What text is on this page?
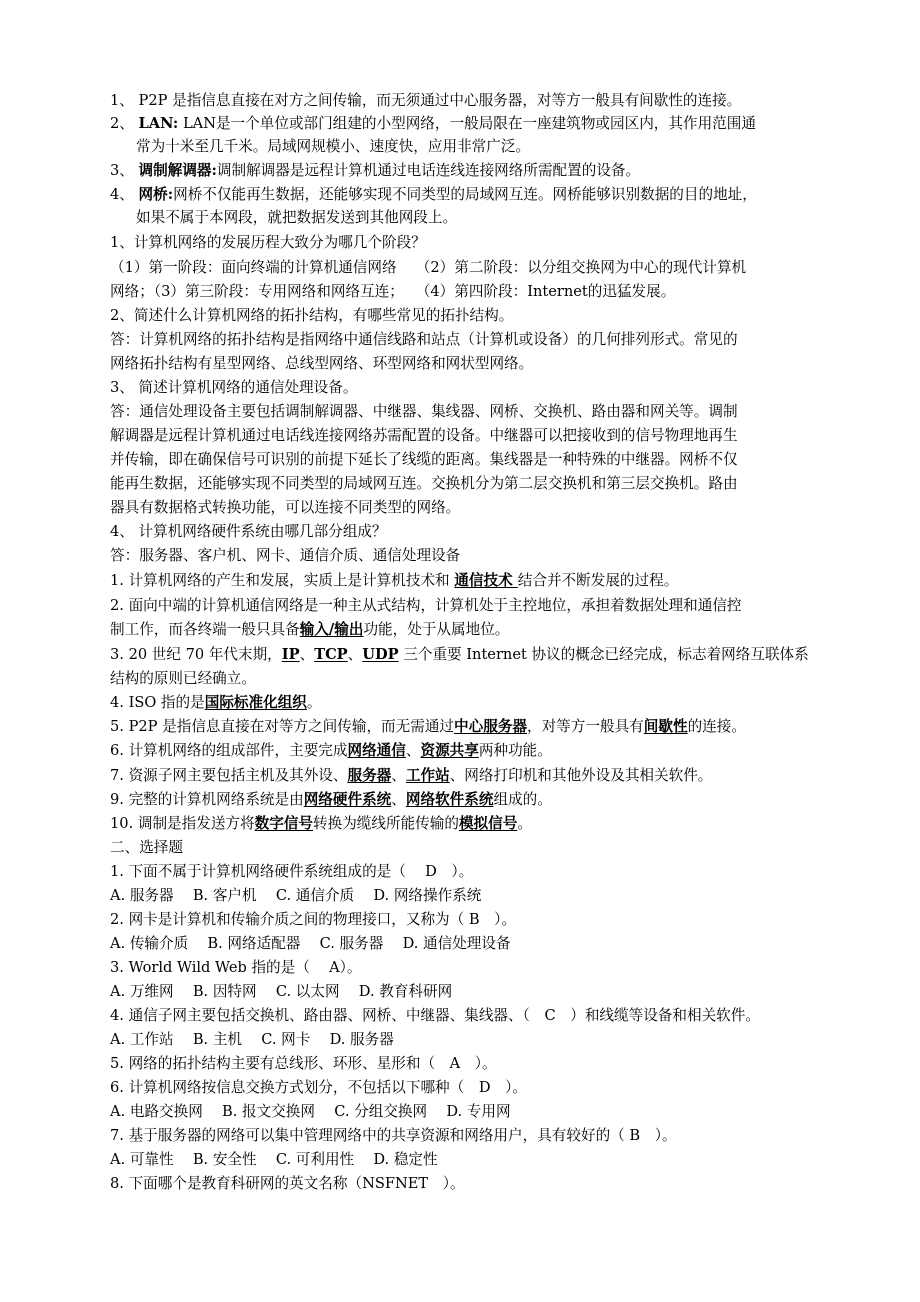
1、 P2P 是指信息直接在对方之间传输，而无须通过中心服务器，对等方一般具有间歇性的连接。
2、 LAN: LAN是一个单位或部门组建的小型网络，一般局限在一座建筑物或园区内，其作用范围通
常为十米至几千米。局域网规模小、速度快，应用非常广泛。
3、 调制解调器:调制解调器是远程计算机通过电话连线连接网络所需配置的设备。
4、 网桥:网桥不仅能再生数据，还能够实现不同类型的局域网互连。网桥能够识别数据的目的地址，
如果不属于本网段，就把数据发送到其他网段上。
1、计算机网络的发展历程大致分为哪几个阶段？
（1）第一阶段：面向终端的计算机通信网络　 （2）第二阶段：以分组交换网为中心的现代计算机
网络；（3）第三阶段：专用网络和网络互连；　 （4）第四阶段：Internet的迅猛发展。
2、简述什么计算机网络的拓扑结构，有哪些常见的拓扑结构。
答：计算机网络的拓扑结构是指网络中通信线路和站点（计算机或设备）的几何排列形式。常见的
网络拓扑结构有星型网络、总线型网络、环型网络和网状型网络。
3、 简述计算机网络的通信处理设备。
答：通信处理设备主要包括调制解调器、中继器、集线器、网桥、交换机、路由器和网关等。调制
解调器是远程计算机通过电话线连接网络苏需配置的设备。中继器可以把接收到的信号物理地再生
并传输，即在确保信号可识别的前提下延长了线缆的距离。集线器是一种特殊的中继器。网桥不仅
能再生数据，还能够实现不同类型的局域网互连。交换机分为第二层交换机和第三层交换机。路由
器具有数据格式转换功能，可以连接不同类型的网络。
4、 计算机网络硬件系统由哪几部分组成？
答：服务器、客户机、网卡、通信介质、通信处理设备
1. 计算机网络的产生和发展，实质上是计算机技术和 通信技术 结合并不断发展的过程。
2. 面向中端的计算机通信网络是一种主从式结构，计算机处于主控地位，承担着数据处理和通信控
制工作，而各终端一般只具备输入/输出功能，处于从属地位。
3. 20 世纪 70 年代末期，IP、TCP、UDP 三个重要 Internet 协议的概念已经完成，标志着网络互联体系
结构的原则已经确立。
4. ISO 指的是国际标准化组织。
5. P2P 是指信息直接在对等方之间传输，而无需通过中心服务器，对等方一般具有间歇性的连接。
6. 计算机网络的组成部件，主要完成网络通信、资源共享两种功能。
7. 资源子网主要包括主机及其外设、服务器、工作站、网络打印机和其他外设及其相关软件。
9. 完整的计算机网络系统是由网络硬件系统、网络软件系统组成的。
10. 调制是指发送方将数字信号转换为缆线所能传输的模拟信号。
二、选择题
1. 下面不属于计算机网络硬件系统组成的是（　 D　）。
A. 服务器　 B. 客户机　 C. 通信介质　 D. 网络操作系统
2. 网卡是计算机和传输介质之间的物理接口，又称为（ B　）。
A. 传输介质　 B. 网络适配器　 C. 服务器　 D. 通信处理设备
3. World Wild Web 指的是（　 A）。
A. 万维网　 B. 因特网　 C. 以太网　 D. 教育科研网
4. 通信子网主要包括交换机、路由器、网桥、中继器、集线器、（　C　）和线缆等设备和相关软件。
A. 工作站　 B. 主机　 C. 网卡　 D. 服务器
5. 网络的拓扑结构主要有总线形、环形、星形和（　A　）。
6. 计算机网络按信息交换方式划分，不包括以下哪种（　D　）。
A. 电路交换网　 B. 报文交换网　 C. 分组交换网　 D. 专用网
7. 基于服务器的网络可以集中管理网络中的共享资源和网络用户，具有较好的（ B　）。
A. 可靠性　 B. 安全性　 C. 可利用性　 D. 稳定性
8. 下面哪个是教育科研网的英文名称（NSFNET　）。
